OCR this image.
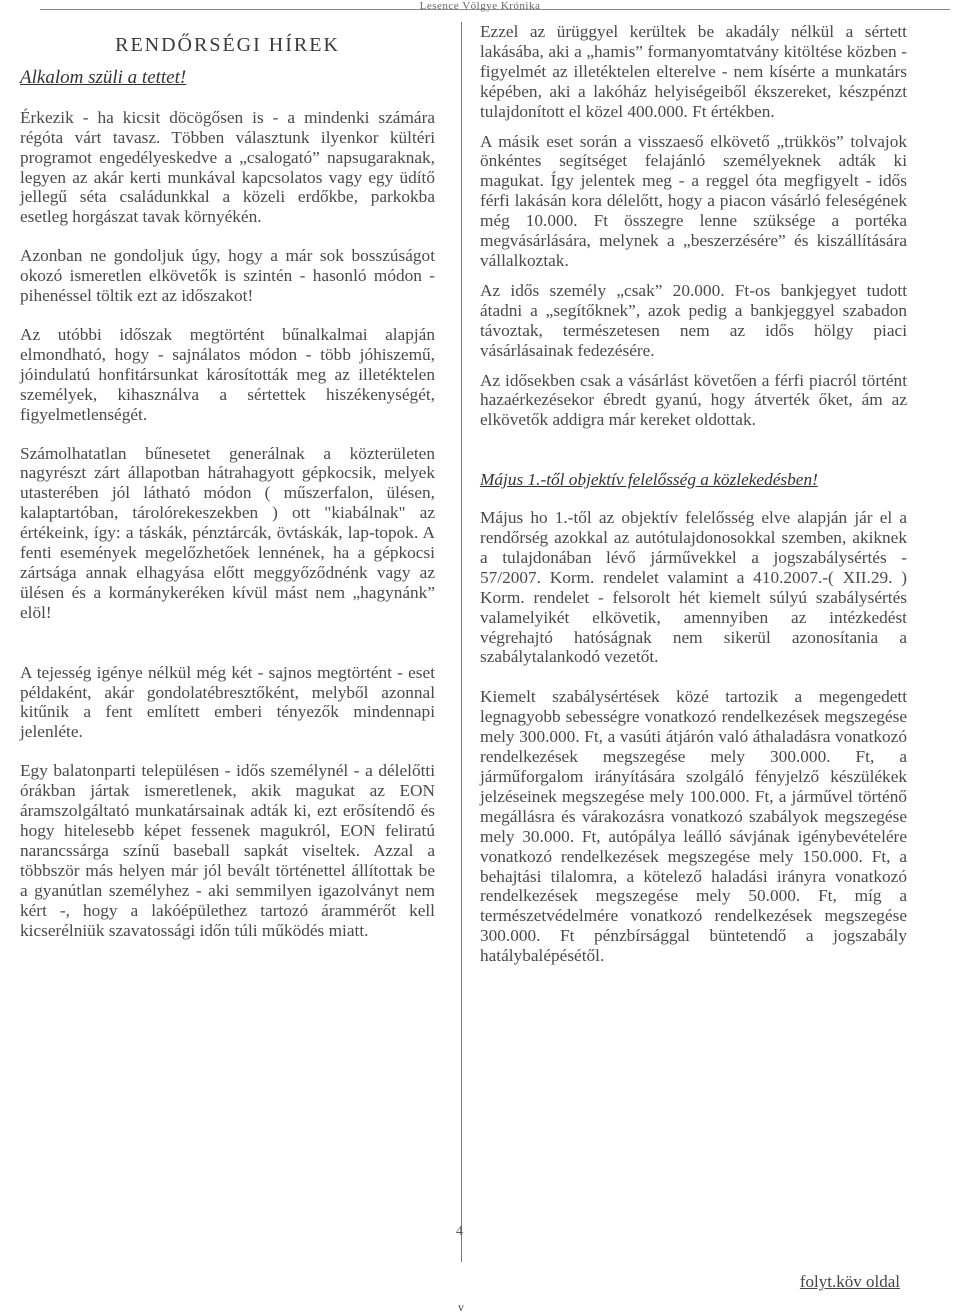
Lesence Völgye Krónika
RENDŐRSÉGI HÍREK
Alkalom szüli a tettet!

Érkezik - ha kicsit döcögősen is - a mindenki számára régóta várt tavasz. Többen választunk ilyenkor kültéri programot engedélyeskedve a „csalogató” napsugaraknak, legyen az akár kerti munkával kapcsolatos vagy egy üdítő jellegű séta családunkkal a közeli erdőkbe, parkokba esetleg horgászat tavak környékén.

Azonban ne gondoljuk úgy, hogy a már sok bosszúságot okozó ismeretlen elkövetők is szintén - hasonló módon - pihenéssel töltik ezt az időszakot!

Az utóbbi időszak megtörtént bűnalkalmai alapján elmondható, hogy - sajnálatos módon - több jóhiszemű, jóindulatú honfitársunkat károsították meg az illetéktelen személyek, kihasználva a sértettek hiszékenységét, figyelmetlenségét.

Számolhatatlan bűnesetet generálnak a közterületen nagyrészt zárt állapotban hátrahagyott gépkocsik, melyek utasterében jól látható módon ( műszerfalon, ülésen, kalaptartóban, tárolórekeszekben ) ott "kiabálnak" az értékeink, így: a táskák, pénztárcák, övtáskák, lap-topok. A fenti események megelőzhetőek lennének, ha a gépkocsi zártsága annak elhagyása előtt meggyőződnénk vagy az ülésen és a kormánykeréken kívül mást nem „hagynánk” elöl!

A tejesség igénye nélkül még két - sajnos megtörtént - eset példaként, akár gondolatébresztőként, melyből azonnal kitűnik a fent említett emberi tényezők mindennapi jelenléte.

Egy balatonparti településen - idős személynél - a délelőtti órákban jártak ismeretlenek, akik magukat az EON áramszolgáltató munkatársainak adták ki, ezt erősítendő és hogy hitelesebb képet fessenek magukról, EON feliratú narancssárga színű baseball sapkát viseltek. Azzal a többször más helyen már jól bevált történettel állítottak be a gyanútlan személyhez - aki semmilyen igazolványt nem kért -, hogy a lakóépülethez tartozó árammérőt kell kicserélniük szavatossági időn túli működés miatt.

Ezzel az ürüggyel kerültek be akadály nélkül a sértett lakásába, aki a „hamis” formanyomtatvány kitöltése közben - figyelmét az illetéktelen elterelve - nem kísérte a munkatárs képében, aki a lakóház helyiségeiből ékszereket, készpénzt tulajdonított el közel 400.000. Ft értékben.

A másik eset során a visszaeső elkövető „trükkös” tolvajok önkéntes segítséget felajánló személyeknek adták ki magukat. Így jelentek meg - a reggel óta megfigyelt - idős férfi lakásán kora délelőtt, hogy a piacon vásárló feleségének még 10.000. Ft összegre lenne szüksége a portéka megvásárlására, melynek a „beszerzésére” és kiszállítására vállalkoztak.

Az idős személy „csak” 20.000. Ft-os bankjegyet tudott átadni a „segítőknek”, azok pedig a bankjeggyel szabadon távoztak, természetesen nem az idős hölgy piaci vásárlásainak fedezésére.

Az idősekben csak a vásárlást követően a férfi piacról történt hazaérkezésekor ébredt gyanú, hogy átverték őket, ám az elkövetők addigra már kereket oldottak.

Május 1.-től objektív felelősség a közlekedésben!

Május ho 1.-től az objektív felelősség elve alapján jár el a rendőrség azokkal az autótulajdonosokkal szemben, akiknek a tulajdonában lévő járművekkel a jogszabálysértés - 57/2007. Korm. rendelet valamint a 410.2007.-( XII.29. ) Korm. rendelet - felsorolt hét kiemelt súlyú szabálysértés valamelyikét elkövetik, amennyiben az intézkedést végrehajtó hatóságnak nem sikerül azonosítania a szabálytalankodó vezetőt.

Kiemelt szabálysértések közé tartozik a megengedett legnagyobb sebességre vonatkozó rendelkezések megszegése mely 300.000. Ft, a vasúti átjárón való áthaladásra vonatkozó rendelkezések megszegése mely 300.000. Ft, a járműforgalom irányítására szolgáló fényjelző készülékek jelzéseinek megszegése mely 100.000. Ft, a járművel történő megállásra és várakozásra vonatkozó szabályok megszegése mely 30.000. Ft, autópálya leálló sávjának igénybevételére vonatkozó rendelkezések megszegése mely 150.000. Ft, a behajtási tilalomra, a kötelező haladási irányra vonatkozó rendelkezések megszegése mely 50.000. Ft, míg a természetvédelmére vonatkozó rendelkezések megszegése 300.000. Ft pénzbírsággal büntetendő a jogszabály hatálybalépésétől.

4
folyt.köv oldal
v
